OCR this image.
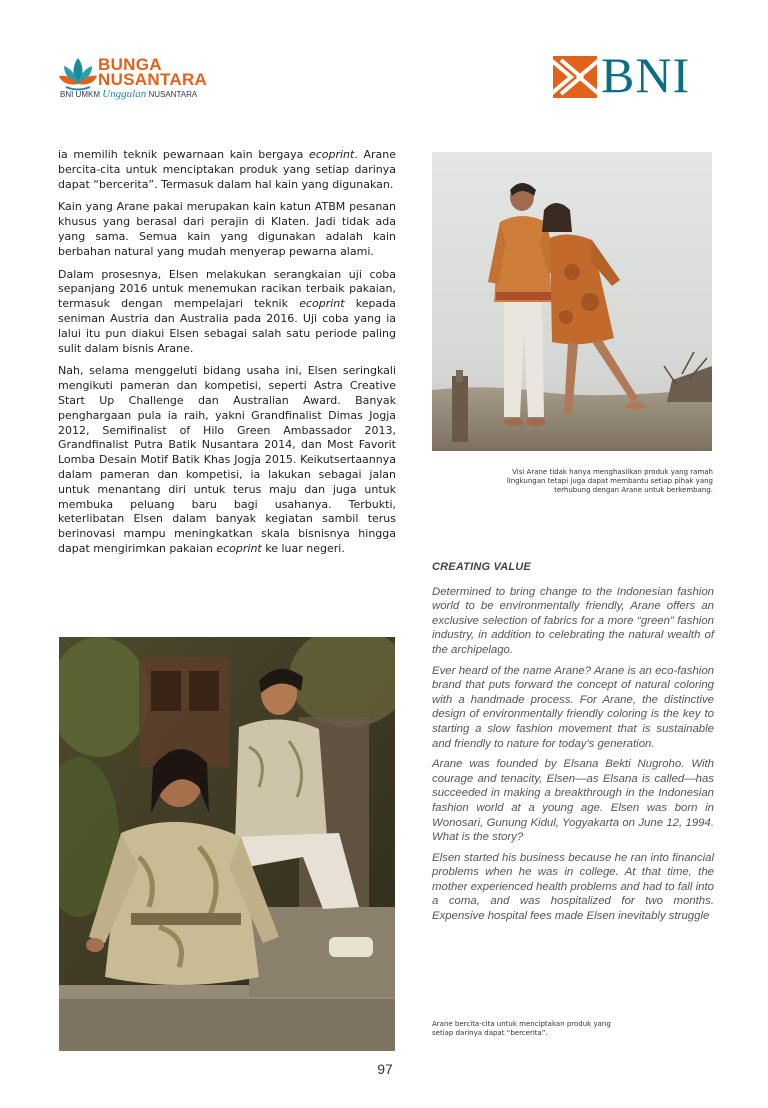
BUNGA
NUSANTARA
BNI UMKM Unggulan NUSANTARA	BNI

ia memilih teknik pewarnaan kain bergaya ecoprint. Arane bercita-cita untuk menciptakan produk yang setiap darinya dapat “bercerita”. Termasuk dalam hal kain yang digunakan.

Kain yang Arane pakai merupakan kain katun ATBM pesanan khusus yang berasal dari perajin di Klaten. Jadi tidak ada yang sama. Semua kain yang digunakan adalah kain berbahan natural yang mudah menyerap pewarna alami.

Dalam prosesnya, Elsen melakukan serangkaian uji coba sepanjang 2016 untuk menemukan racikan terbaik pakaian, termasuk dengan mempelajari teknik ecoprint kepada seniman Austria dan Australia pada 2016. Uji coba yang ia lalui itu pun diakui Elsen sebagai salah satu periode paling sulit dalam bisnis Arane.

Nah, selama menggeluti bidang usaha ini, Elsen seringkali mengikuti pameran dan kompetisi, seperti Astra Creative Start Up Challenge dan Australian Award. Banyak penghargaan pula ia raih, yakni Grandfinalist Dimas Jogja 2012, Semifinalist of Hilo Green Ambassador 2013, Grandfinalist Putra Batik Nusantara 2014, dan Most Favorit Lomba Desain Motif Batik Khas Jogja 2015. Keikutsertaannya dalam pameran dan kompetisi, ia lakukan sebagai jalan untuk menantang diri untuk terus maju dan juga untuk membuka peluang baru bagi usahanya. Terbukti, keterlibatan Elsen dalam banyak kegiatan sambil terus berinovasi mampu meningkatkan skala bisnisnya hingga dapat mengirimkan pakaian ecoprint ke luar negeri.

Visi Arane tidak hanya menghasilkan produk yang ramah lingkungan tetapi juga dapat membantu setiap pihak yang terhubung dengan Arane untuk berkembang.
CREATING VALUE

Determined to bring change to the Indonesian fashion world to be environmentally friendly, Arane offers an exclusive selection of fabrics for a more “green” fashion industry, in addition to celebrating the natural wealth of the archipelago.

Ever heard of the name Arane? Arane is an eco-fashion brand that puts forward the concept of natural coloring with a handmade process. For Arane, the distinctive design of environmentally friendly coloring is the key to starting a slow fashion movement that is sustainable and friendly to nature for today's generation.

Arane was founded by Elsana Bekti Nugroho. With courage and tenacity, Elsen—as Elsana is called—has succeeded in making a breakthrough in the Indonesian fashion world at a young age. Elsen was born in Wonosari, Gunung Kidul, Yogyakarta on June 12, 1994. What is the story?

Elsen started his business because he ran into financial problems when he was in college. At that time, the mother experienced health problems and had to fall into a coma, and was hospitalized for two months. Expensive hospital fees made Elsen inevitably struggle

Arane bercita-cita untuk menciptakan produk yang setiap darinya dapat “bercerita”.
97
